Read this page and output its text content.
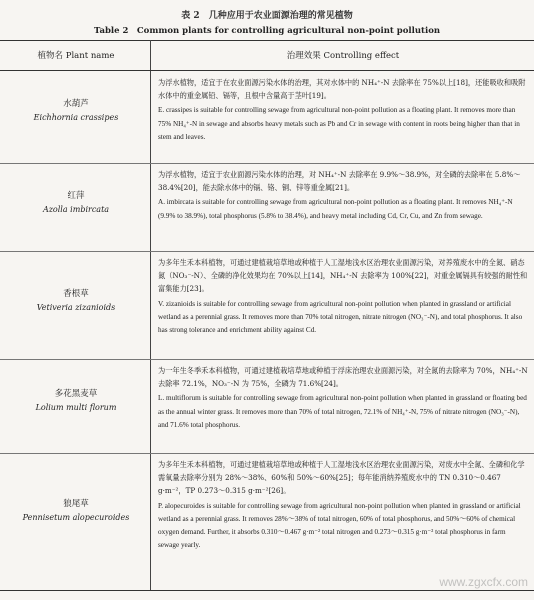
表 2　几种应用于农业面源治理的常见植物
Table 2　Common plants for controlling agricultural non-point pollution
植物名 Plant name	治理效果 Controlling effect
水葫芦
Eichhornia crassipes
为浮水植物，适宜于在农业面源污染水体的治理，其对水体中的 NH₄⁺-N 去除率在 75%以上[18]，还能吸收和吸附水体中的重金属铅、镉等，且根中含量高于茎叶[19]。
E. crassipes is suitable for controlling sewage from agricultural non-point pollution as a floating plant. It removes more than 75% NH₄⁺-N in sewage and absorbs heavy metals such as Pb and Cr in sewage with content in roots being higher than that in stem and leaves.
红萍
Azolla imbircata
为浮水植物，适宜于农业面源污染水体的治理，对 NH₄⁺-N 去除率在 9.9%～38.9%，对全磷的去除率在 5.8%～38.4%[20]，能去除水体中的镉、铬、铜、锌等重金属[21]。
A. imbircata is suitable for controlling sewage from agricultural non-point pollution as a floating plant. It removes NH₄⁺-N (9.9% to 38.9%), total phosphorus (5.8% to 38.4%), and heavy metal including Cd, Cr, Cu, and Zn from sewage.
香根草
Vetiveria zizanioids
为多年生禾本科植物，可通过建植栽培草地或种植于人工湿地浅水区治理农业面源污染，对养殖废水中的全氮、硝态氮（NO₃⁻-N）、全磷的净化效果均在 70%以上[14]，NH₄⁺-N 去除率为 100%[22]，对重金属镉具有较强的耐性和富集能力[23]。
V. zizanioids is suitable for controlling sewage from agricultural non-point pollution when planted in grassland or artificial wetland as a perennial grass. It removes more than 70% total nitrogen, nitrate nitrogen (NO₃⁻-N), and total phosphorus. It also has strong tolerance and enrichment ability against Cd.
多花黑麦草
Lolium multi florum
为一年生冬季禾本科植物，可通过建植栽培草地或种植于浮床治理农业面源污染，对全氮的去除率为 70%，NH₄⁺-N 去除率 72.1%，NO₃⁻-N 为 75%，全磷为 71.6%[24]。
L. multiflorum is suitable for controlling sewage from agricultural non-point pollution when planted in grassland or floating bed as the annual winter grass. It removes more than 70% of total nitrogen, 72.1% of NH₄⁺-N, 75% of nitrate nitrogen (NO₃⁻-N), and 71.6% total phosphorus.
狼尾草
Pennisetum alopecuroides
为多年生禾本科植物，可通过建植栽培草地或种植于人工湿地浅水区治理农业面源污染，对废水中全氮、全磷和化学需氧量去除率分别为 28%～38%、60%和 50%～60%[25]；每年能消纳养殖废水中的 TN 0.310～0.467 g·m⁻²，TP 0.273～0.315 g·m⁻²[26]。
P. alopecuroides is suitable for controlling sewage from agricultural non-point pollution when planted in grassland or artificial wetland as a perennial grass. It removes 28%～38% of total nitrogen, 60% of total phosphorus, and 50%～60% of chemical oxygen demand. Further, it absorbs 0.310～0.467 g·m⁻² total nitrogen and 0.273～0.315 g·m⁻² total phosphorus in farm sewage yearly.
www.zgxcfx.com
